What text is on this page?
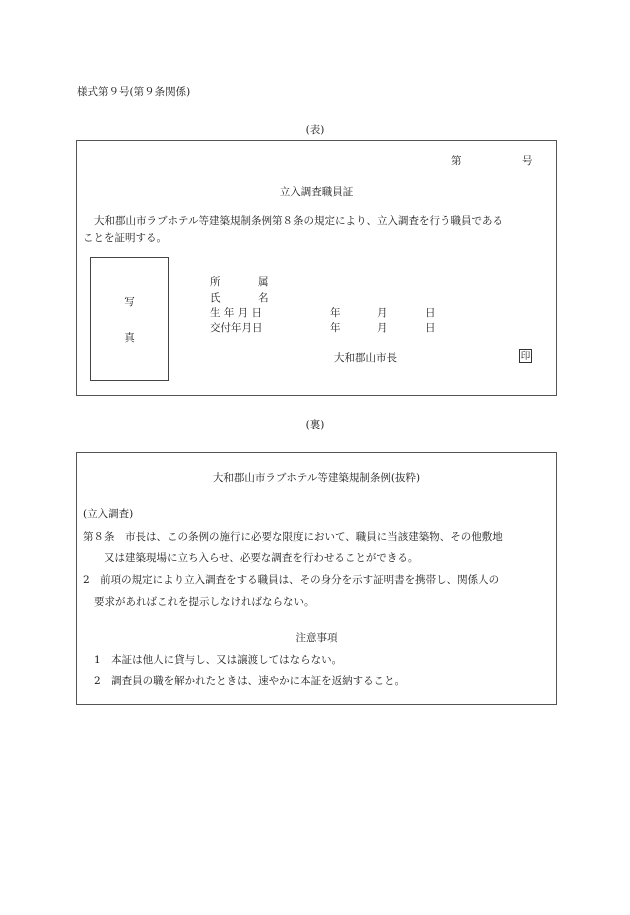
様式第９号(第９条関係)
(表)
第	号
立入調査職員証
大和郡山市ラブホテル等建築規制条例第８条の規定により、立入調査を行う職員である
ことを証明する。
写
真
所	属
氏	名
生 年 月 日	年	月	日
交付年月日	年	月	日
大和郡山市長	印
(裏)
大和郡山市ラブホテル等建築規制条例(抜粋)
(立入調査)
第８条　市長は、この条例の施行に必要な限度において、職員に当該建築物、その他敷地
又は建築現場に立ち入らせ、必要な調査を行わせることができる。
2　前項の規定により立入調査をする職員は、その身分を示す証明書を携帯し、関係人の
要求があればこれを提示しなければならない。
注意事項
1　本証は他人に貸与し、又は譲渡してはならない。
2　調査員の職を解かれたときは、速やかに本証を返納すること。
